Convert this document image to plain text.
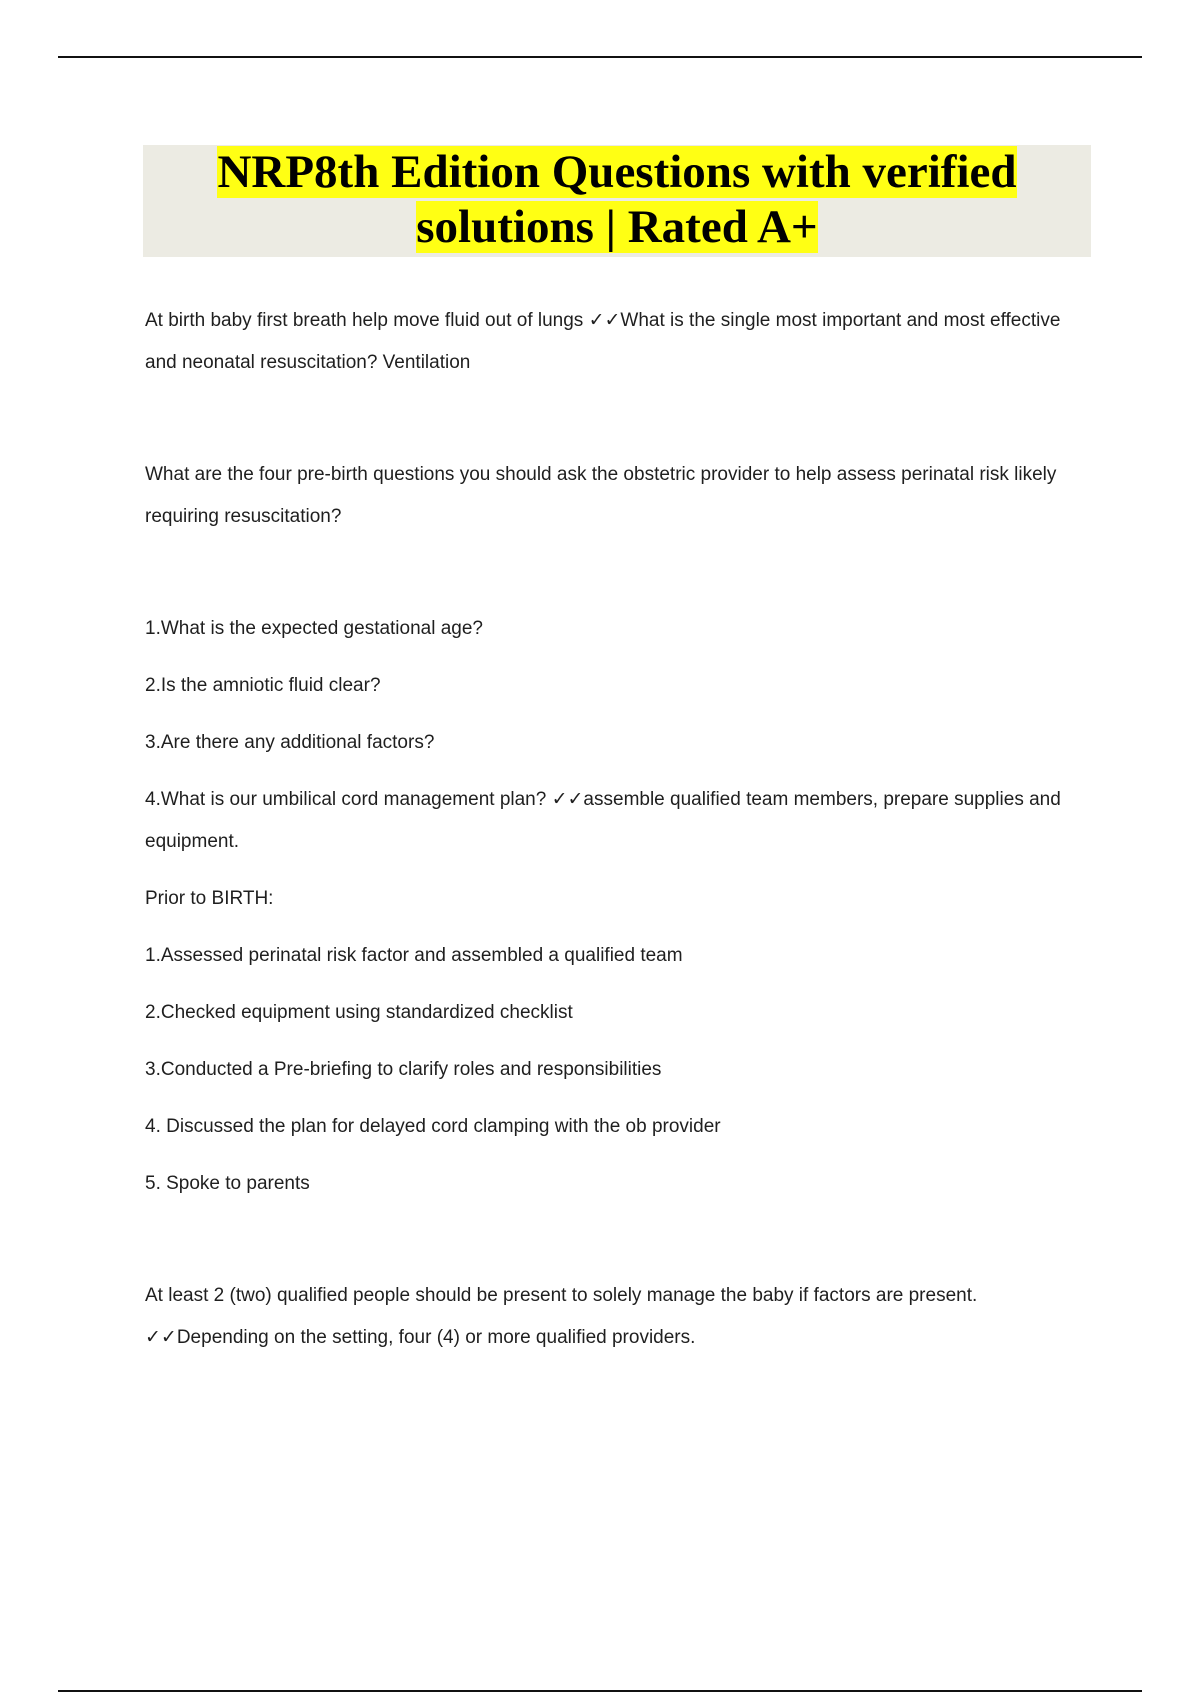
NRP8th Edition Questions with verified solutions | Rated A+

At birth baby first breath help move fluid out of lungs ✓✓What is the single most important and most effective and neonatal resuscitation? Ventilation

What are the four pre-birth questions you should ask the obstetric provider to help assess perinatal risk likely requiring resuscitation?

1.What is the expected gestational age?

2.Is the amniotic fluid clear?

3.Are there any additional factors?

4.What is our umbilical cord management plan? ✓✓assemble qualified team members, prepare supplies and equipment.

Prior to BIRTH:

1.Assessed perinatal risk factor and assembled a qualified team

2.Checked equipment using standardized checklist

3.Conducted a Pre-briefing to clarify roles and responsibilities

4. Discussed the plan for delayed cord clamping with the ob provider

5. Spoke to parents

At least 2 (two) qualified people should be present to solely manage the baby if factors are present. ✓✓Depending on the setting, four (4) or more qualified providers.
